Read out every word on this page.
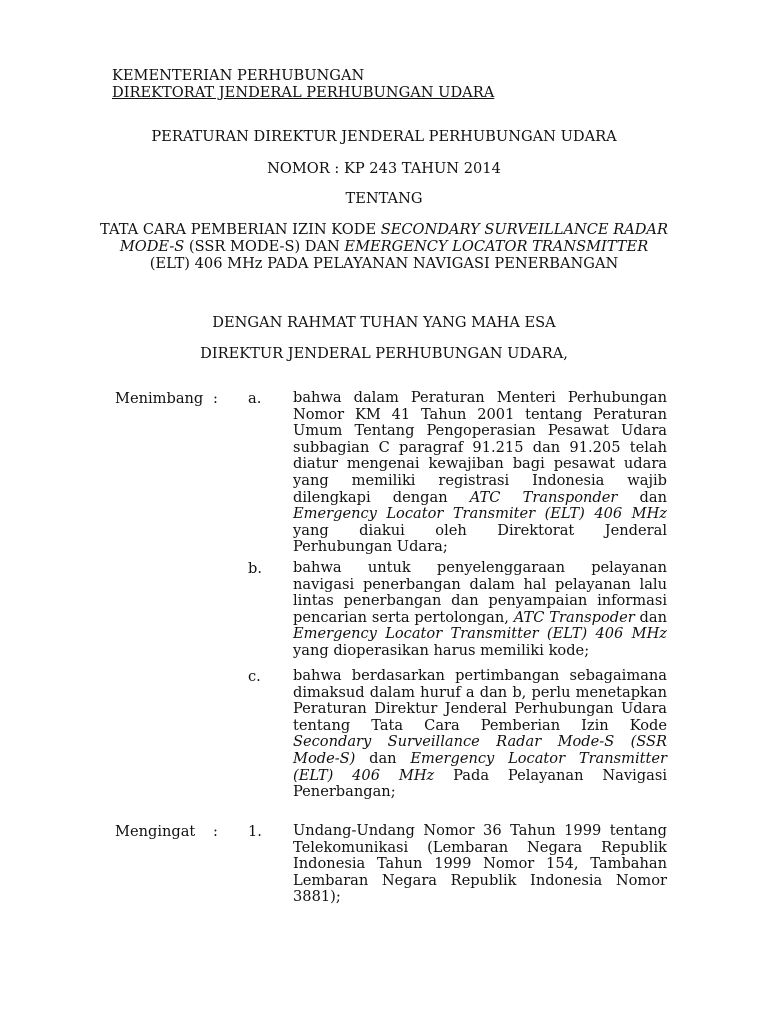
KEMENTERIAN PERHUBUNGAN
DIREKTORAT JENDERAL PERHUBUNGAN UDARA
PERATURAN DIREKTUR JENDERAL PERHUBUNGAN UDARA
NOMOR : KP 243 TAHUN 2014
TENTANG
TATA CARA PEMBERIAN IZIN KODE SECONDARY SURVEILLANCE RADAR MODE-S (SSR MODE-S) DAN EMERGENCY LOCATOR TRANSMITTER (ELT) 406 MHz PADA PELAYANAN NAVIGASI PENERBANGAN
DENGAN RAHMAT TUHAN YANG MAHA ESA
DIREKTUR JENDERAL PERHUBUNGAN UDARA,
Menimbang : a. bahwa dalam Peraturan Menteri Perhubungan Nomor KM 41 Tahun 2001 tentang Peraturan Umum Tentang Pengoperasian Pesawat Udara subbagian C paragraf 91.215 dan 91.205 telah diatur mengenai kewajiban bagi pesawat udara yang memiliki registrasi Indonesia wajib dilengkapi dengan ATC Transponder dan Emergency Locator Transmiter (ELT) 406 MHz yang diakui oleh Direktorat Jenderal Perhubungan Udara;
b. bahwa untuk penyelenggaraan pelayanan navigasi penerbangan dalam hal pelayanan lalu lintas penerbangan dan penyampaian informasi pencarian serta pertolongan, ATC Transpoder dan Emergency Locator Transmitter (ELT) 406 MHz yang dioperasikan harus memiliki kode;
c. bahwa berdasarkan pertimbangan sebagaimana dimaksud dalam huruf a dan b, perlu menetapkan Peraturan Direktur Jenderal Perhubungan Udara tentang Tata Cara Pemberian Izin Kode Secondary Surveillance Radar Mode-S (SSR Mode-S) dan Emergency Locator Transmitter (ELT) 406 MHz Pada Pelayanan Navigasi Penerbangan;
Mengingat : 1. Undang-Undang Nomor 36 Tahun 1999 tentang Telekomunikasi (Lembaran Negara Republik Indonesia Tahun 1999 Nomor 154, Tambahan Lembaran Negara Republik Indonesia Nomor 3881);
